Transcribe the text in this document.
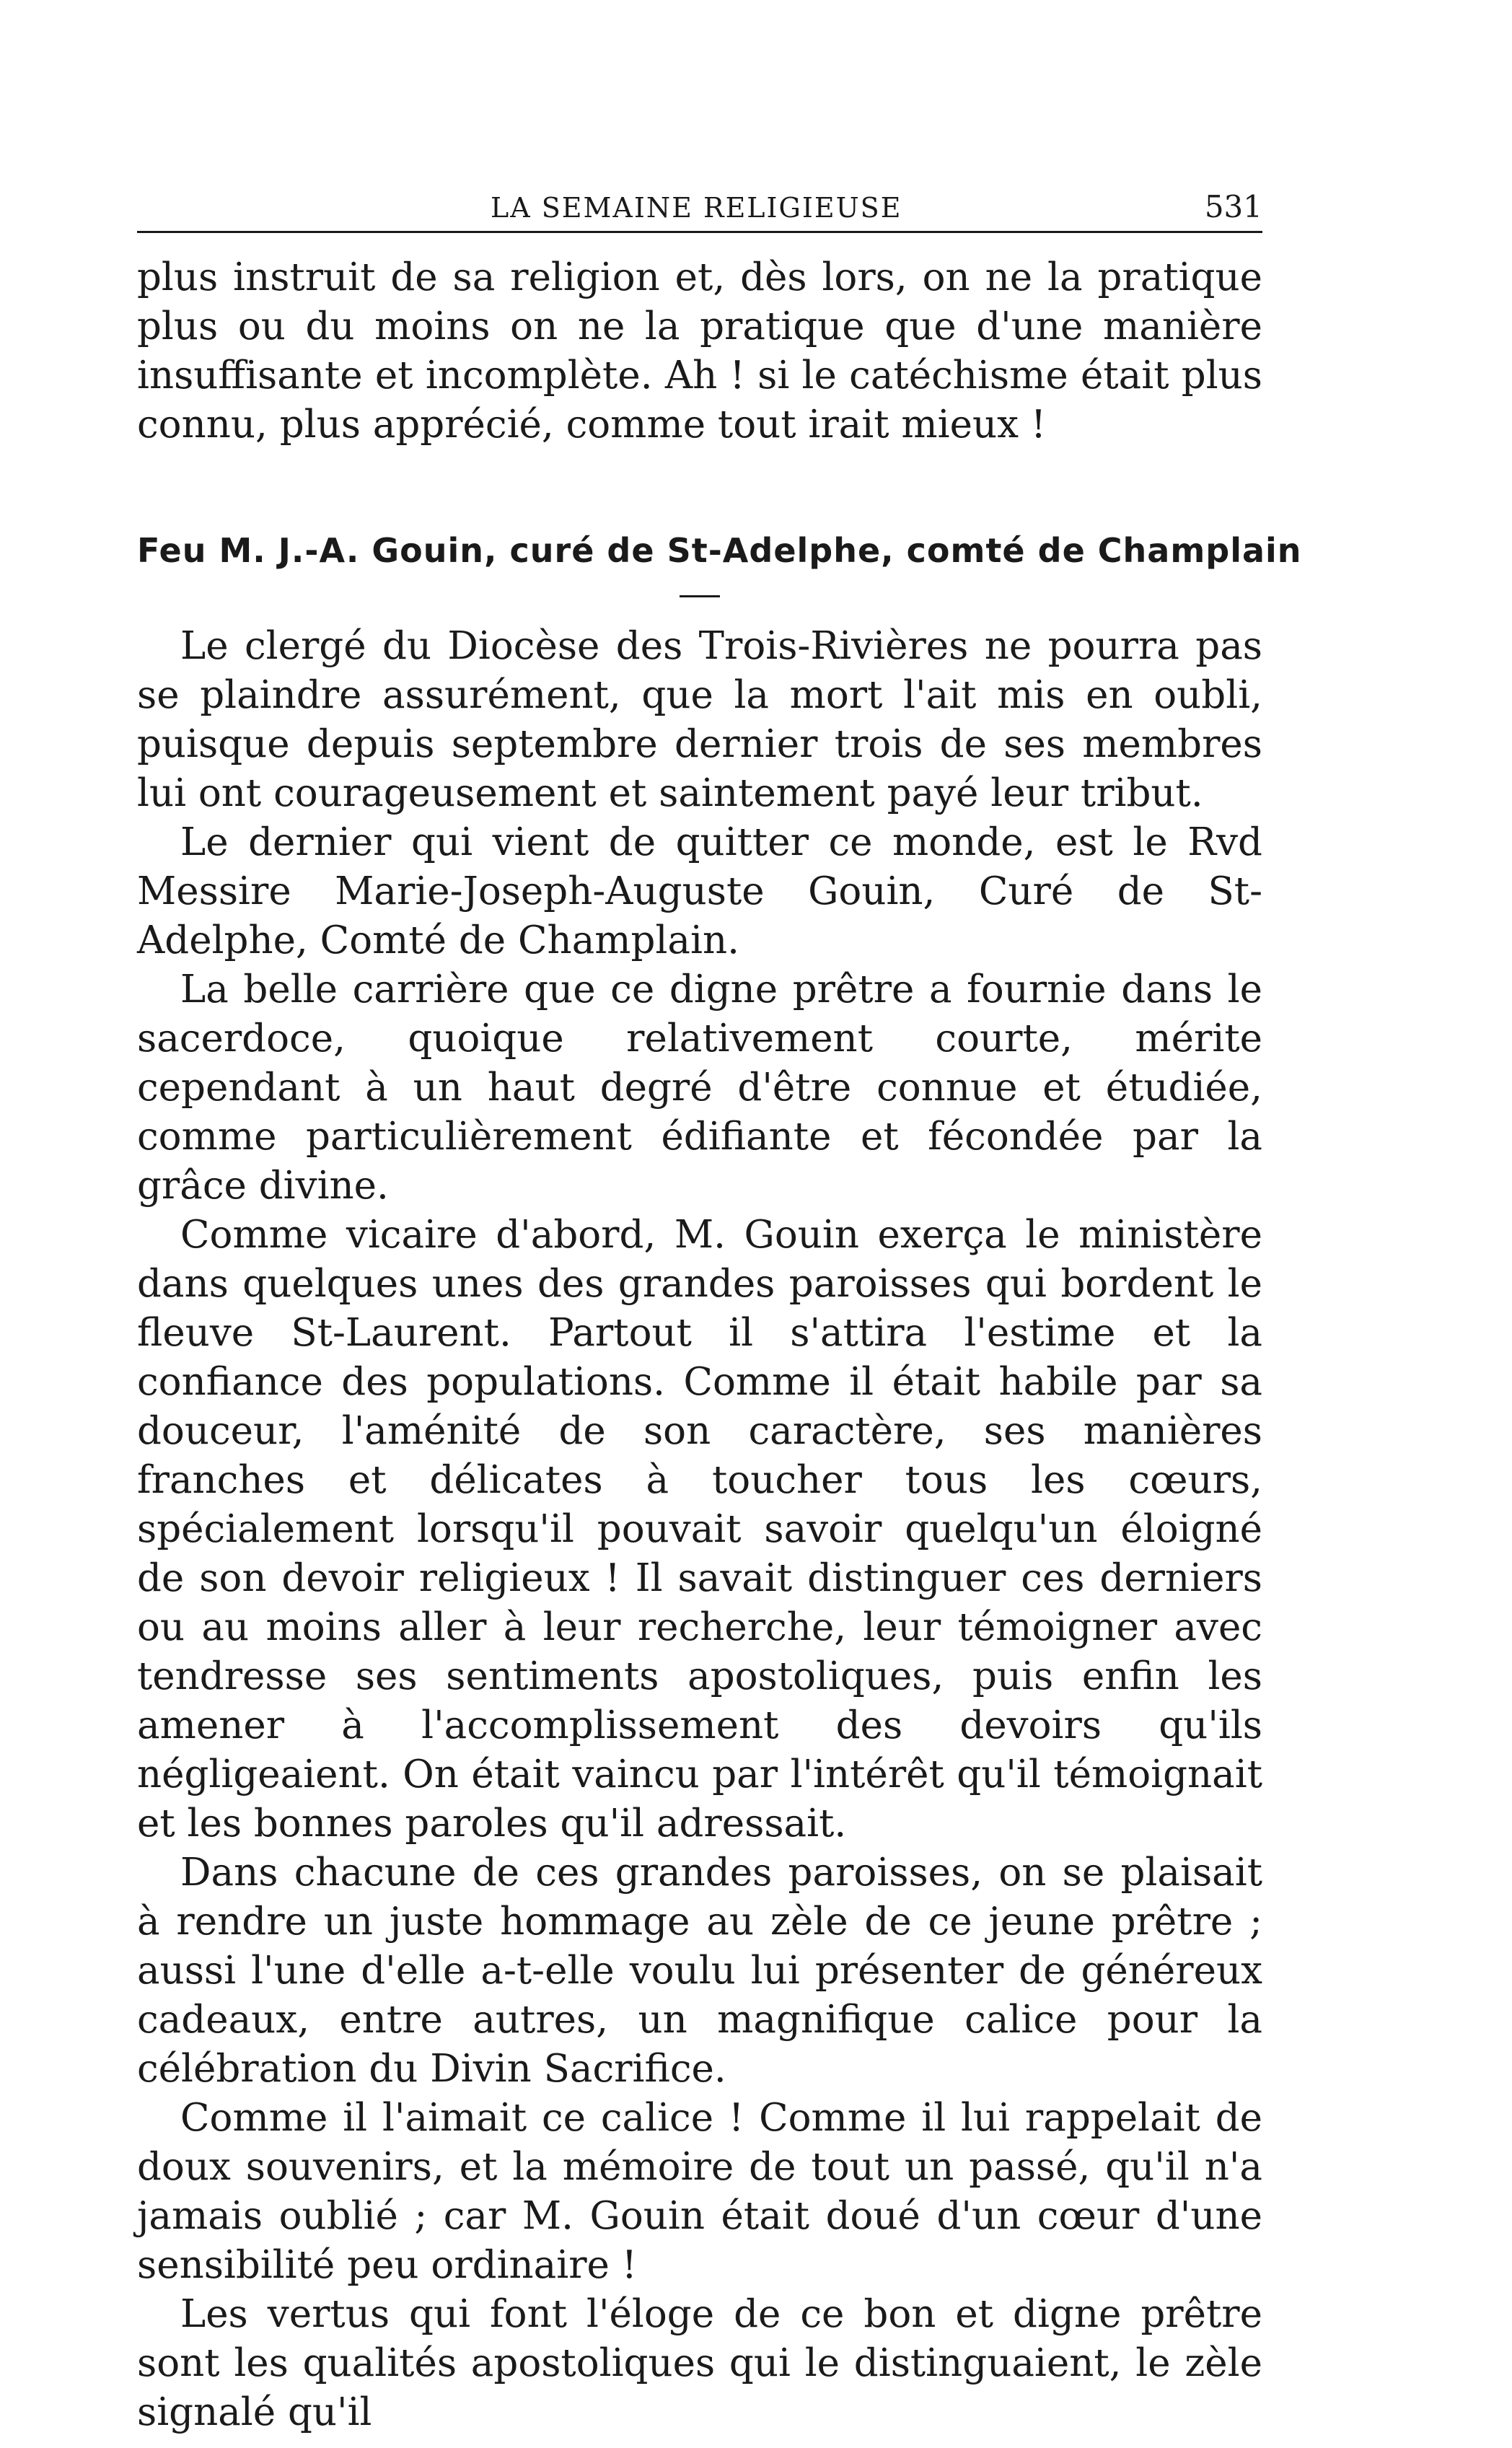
LA SEMAINE RELIGIEUSE	531

plus instruit de sa religion et, dès lors, on ne la pratique plus ou du moins on ne la pratique que d'une manière insuffisante et incomplète. Ah ! si le catéchisme était plus connu, plus apprécié, comme tout irait mieux !

Feu M. J.-A. Gouin, curé de St-Adelphe, comté de Champlain

Le clergé du Diocèse des Trois-Rivières ne pourra pas se plaindre assurément, que la mort l'ait mis en oubli, puisque depuis septembre dernier trois de ses membres lui ont courageusement et saintement payé leur tribut.

Le dernier qui vient de quitter ce monde, est le Rvd Messire Marie-Joseph-Auguste Gouin, Curé de St-Adelphe, Comté de Champlain.

La belle carrière que ce digne prêtre a fournie dans le sacerdoce, quoique relativement courte, mérite cependant à un haut degré d'être connue et étudiée, comme particulièrement édifiante et fécondée par la grâce divine.

Comme vicaire d'abord, M. Gouin exerça le ministère dans quelques unes des grandes paroisses qui bordent le fleuve St-Laurent. Partout il s'attira l'estime et la confiance des populations. Comme il était habile par sa douceur, l'aménité de son caractère, ses manières franches et délicates à toucher tous les cœurs, spécialement lorsqu'il pouvait savoir quelqu'un éloigné de son devoir religieux ! Il savait distinguer ces derniers ou au moins aller à leur recherche, leur témoigner avec tendresse ses sentiments apostoliques, puis enfin les amener à l'accomplissement des devoirs qu'ils négligeaient. On était vaincu par l'intérêt qu'il témoignait et les bonnes paroles qu'il adressait.

Dans chacune de ces grandes paroisses, on se plaisait à rendre un juste hommage au zèle de ce jeune prêtre ; aussi l'une d'elle a-t-elle voulu lui présenter de généreux cadeaux, entre autres, un magnifique calice pour la célébration du Divin Sacrifice.

Comme il l'aimait ce calice ! Comme il lui rappelait de doux souvenirs, et la mémoire de tout un passé, qu'il n'a jamais oublié ; car M. Gouin était doué d'un cœur d'une sensibilité peu ordinaire !

Les vertus qui font l'éloge de ce bon et digne prêtre sont les qualités apostoliques qui le distinguaient, le zèle signalé qu'il
